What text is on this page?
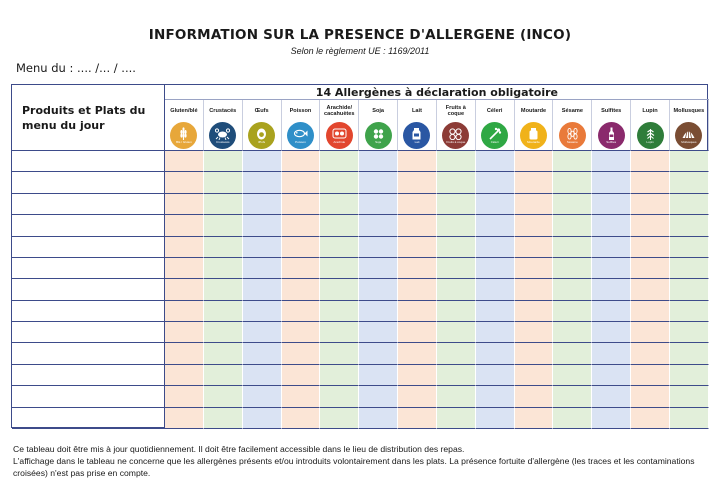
INFORMATION SUR LA PRESENCE D'ALLERGENE (INCO)
Selon le règlement UE : 1169/2011
Menu du : .... /... / ....
Produits et Plats du menu du jour
14 Allergènes à déclaration obligatoire
Gluten/blé
Blé / Gluten
Crustacés
Crustacés
Œufs
Œufs
Poisson
Poisson
Arachide/ cacahuètes
Arachide
Soja
Soja
Lait
Lait
Fruits à coque
Fruits à coque
Céleri
Céleri
Moutarde
Moutarde
Sésame
Sésame
Sulfites
Sulfites
Lupin
Lupin
Mollusques
Mollusques

Ce tableau doit être mis à jour quotidiennement. Il doit être facilement accessible dans le lieu de distribution des repas.

L'affichage dans le tableau ne concerne que les allergènes présents et/ou introduits volontairement dans les plats. La présence fortuite d'allergène (les traces et les contaminations croisées) n'est pas prise en compte.
